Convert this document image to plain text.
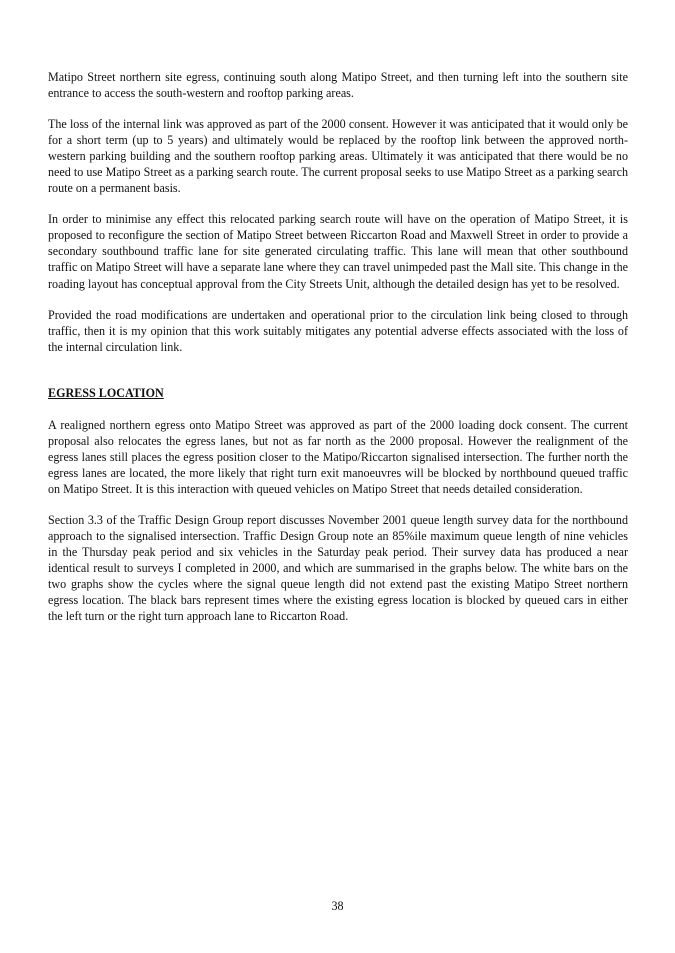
Matipo Street northern site egress, continuing south along Matipo Street, and then turning left into the southern site entrance to access the south-western and rooftop parking areas.

The loss of the internal link was approved as part of the 2000 consent. However it was anticipated that it would only be for a short term (up to 5 years) and ultimately would be replaced by the rooftop link between the approved north-western parking building and the southern rooftop parking areas. Ultimately it was anticipated that there would be no need to use Matipo Street as a parking search route. The current proposal seeks to use Matipo Street as a parking search route on a permanent basis.

In order to minimise any effect this relocated parking search route will have on the operation of Matipo Street, it is proposed to reconfigure the section of Matipo Street between Riccarton Road and Maxwell Street in order to provide a secondary southbound traffic lane for site generated circulating traffic. This lane will mean that other southbound traffic on Matipo Street will have a separate lane where they can travel unimpeded past the Mall site. This change in the roading layout has conceptual approval from the City Streets Unit, although the detailed design has yet to be resolved.

Provided the road modifications are undertaken and operational prior to the circulation link being closed to through traffic, then it is my opinion that this work suitably mitigates any potential adverse effects associated with the loss of the internal circulation link.

EGRESS LOCATION

A realigned northern egress onto Matipo Street was approved as part of the 2000 loading dock consent. The current proposal also relocates the egress lanes, but not as far north as the 2000 proposal. However the realignment of the egress lanes still places the egress position closer to the Matipo/Riccarton signalised intersection. The further north the egress lanes are located, the more likely that right turn exit manoeuvres will be blocked by northbound queued traffic on Matipo Street. It is this interaction with queued vehicles on Matipo Street that needs detailed consideration.

Section 3.3 of the Traffic Design Group report discusses November 2001 queue length survey data for the northbound approach to the signalised intersection. Traffic Design Group note an 85%ile maximum queue length of nine vehicles in the Thursday peak period and six vehicles in the Saturday peak period. Their survey data has produced a near identical result to surveys I completed in 2000, and which are summarised in the graphs below. The white bars on the two graphs show the cycles where the signal queue length did not extend past the existing Matipo Street northern egress location. The black bars represent times where the existing egress location is blocked by queued cars in either the left turn or the right turn approach lane to Riccarton Road.

38
